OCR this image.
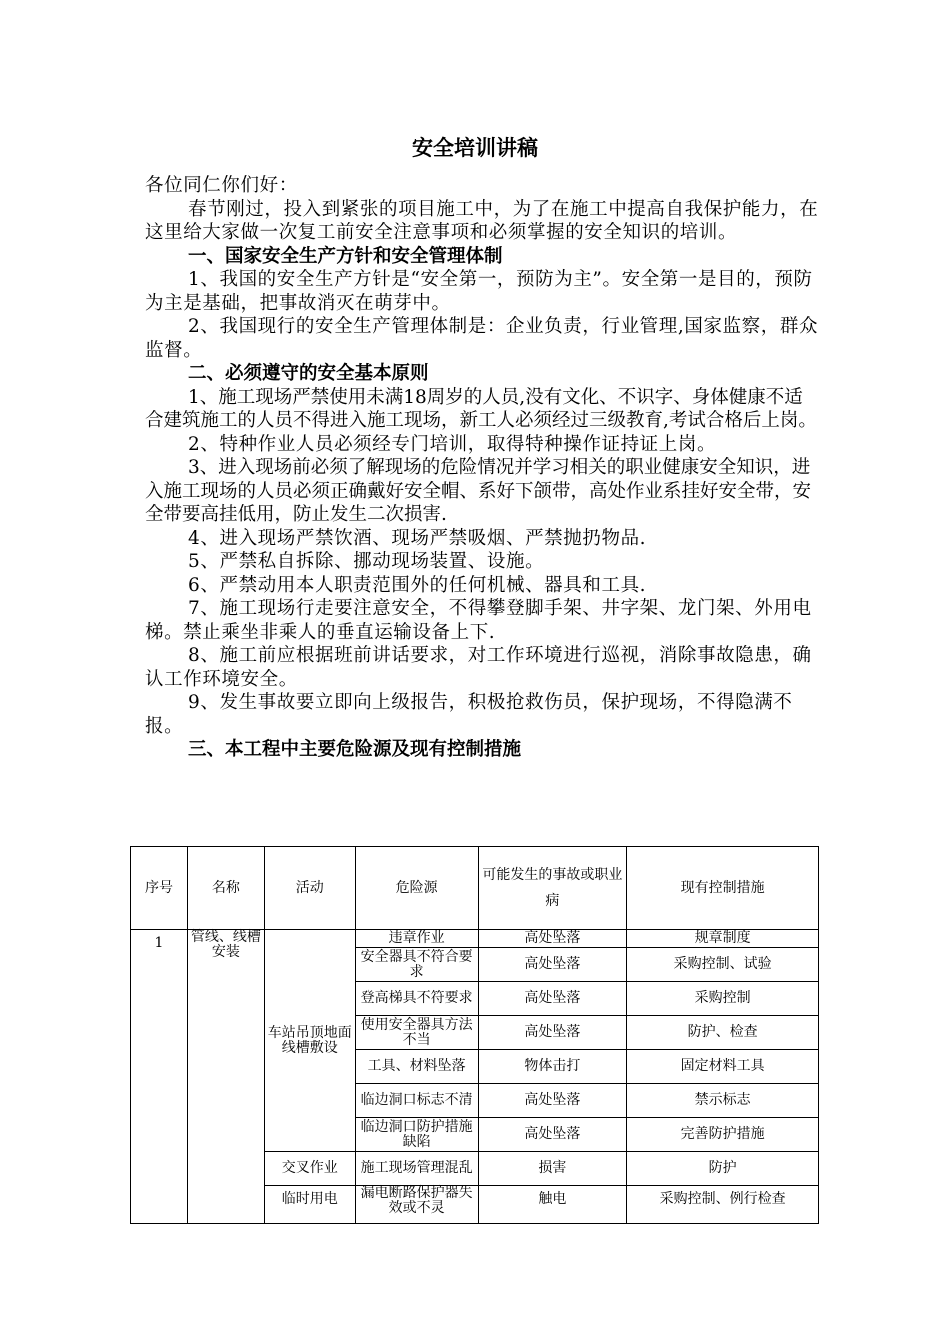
安全培训讲稿

各位同仁你们好：

春节刚过，投入到紧张的项目施工中，为了在施工中提高自我保护能力，在这里给大家做一次复工前安全注意事项和必须掌握的安全知识的培训。

一、国家安全生产方针和安全管理体制

1、我国的安全生产方针是“安全第一，预防为主”。安全第一是目的，预防为主是基础，把事故消灭在萌芽中。

2、我国现行的安全生产管理体制是：企业负责，行业管理,国家监察，群众监督。

二、必须遵守的安全基本原则

1、施工现场严禁使用未满18周岁的人员,没有文化、不识字、身体健康不适合建筑施工的人员不得进入施工现场，新工人必须经过三级教育,考试合格后上岗。

2、特种作业人员必须经专门培训，取得特种操作证持证上岗。

3、进入现场前必须了解现场的危险情况并学习相关的职业健康安全知识，进入施工现场的人员必须正确戴好安全帽、系好下颌带，高处作业系挂好安全带，安全带要高挂低用，防止发生二次损害.

4、进入现场严禁饮酒、现场严禁吸烟、严禁抛扔物品.

5、严禁私自拆除、挪动现场装置、设施。

6、严禁动用本人职责范围外的任何机械、器具和工具.

7、施工现场行走要注意安全，不得攀登脚手架、井字架、龙门架、外用电梯。禁止乘坐非乘人的垂直运输设备上下.

8、施工前应根据班前讲话要求，对工作环境进行巡视，消除事故隐患，确认工作环境安全。

9、发生事故要立即向上级报告，积极抢救伤员，保护现场，不得隐满不报。

三、本工程中主要危险源及现有控制措施

序号	名称	活动	危险源	可能发生的事故或职业病	现有控制措施
1	管线、线槽安装	车站吊顶地面线槽敷设	违章作业	高处坠落	规章制度
			安全器具不符合要求	高处坠落	采购控制、试验
			登高梯具不符要求	高处坠落	采购控制
			使用安全器具方法不当	高处坠落	防护、检查
			工具、材料坠落	物体击打	固定材料工具
			临边洞口标志不清	高处坠落	禁示标志
			临边洞口防护措施缺陷	高处坠落	完善防护措施
		交叉作业	施工现场管理混乱	损害	防护
		临时用电	漏电断路保护器失效或不灵	触电	采购控制、例行检查
